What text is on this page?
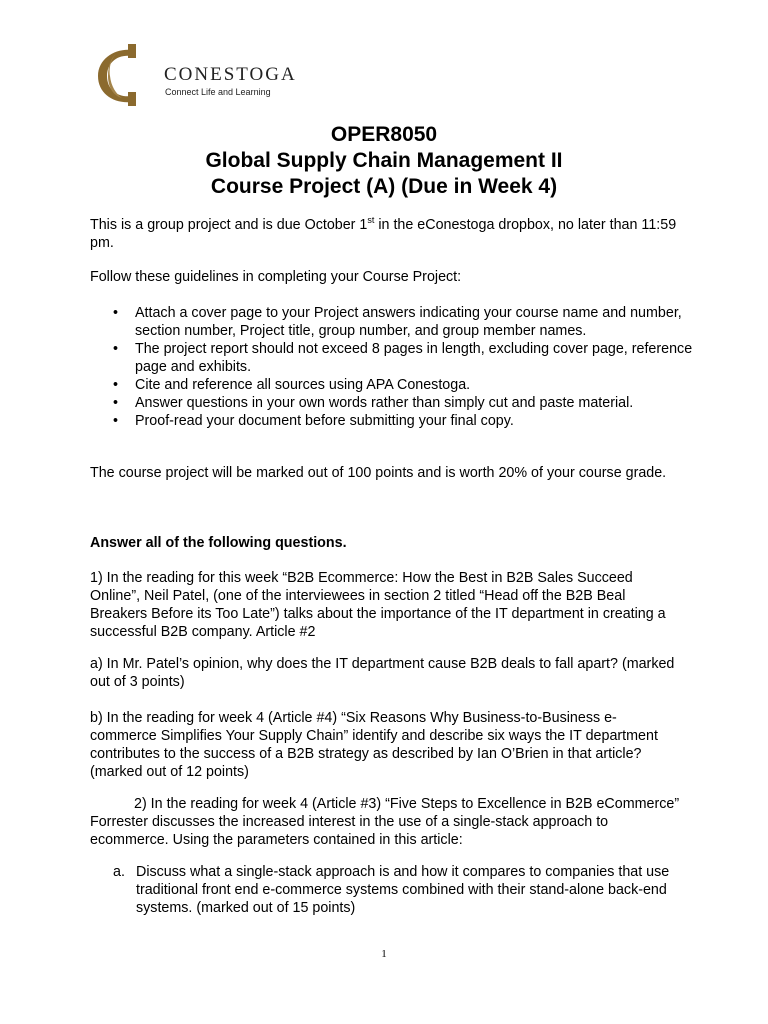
CONESTOGA
Connect Life and Learning
OPER8050
Global Supply Chain Management II
Course Project (A) (Due in Week 4)
This is a group project and is due October 1st in the eConestoga dropbox, no later than 11:59 pm.
Follow these guidelines in completing your Course Project:
• Attach a cover page to your Project answers indicating your course name and number, section number, Project title, group number, and group member names.
• The project report should not exceed 8 pages in length, excluding cover page, reference page and exhibits.
• Cite and reference all sources using APA Conestoga.
• Answer questions in your own words rather than simply cut and paste material.
• Proof-read your document before submitting your final copy.
The course project will be marked out of 100 points and is worth 20% of your course grade.
Answer all of the following questions.
1) In the reading for this week “B2B Ecommerce: How the Best in B2B Sales Succeed Online”, Neil Patel, (one of the interviewees in section 2 titled “Head off the B2B Beal Breakers Before its Too Late”) talks about the importance of the IT department in creating a successful B2B company. Article #2
a) In Mr. Patel’s opinion, why does the IT department cause B2B deals to fall apart? (marked out of 3 points)
b) In the reading for week 4 (Article #4) “Six Reasons Why Business-to-Business e-commerce Simplifies Your Supply Chain” identify and describe six ways the IT department contributes to the success of a B2B strategy as described by Ian O’Brien in that article? (marked out of 12 points)
2) In the reading for week 4 (Article #3) “Five Steps to Excellence in B2B eCommerce” Forrester discusses the increased interest in the use of a single-stack approach to ecommerce. Using the parameters contained in this article:
a. Discuss what a single-stack approach is and how it compares to companies that use traditional front end e-commerce systems combined with their stand-alone back-end systems. (marked out of 15 points)
1
